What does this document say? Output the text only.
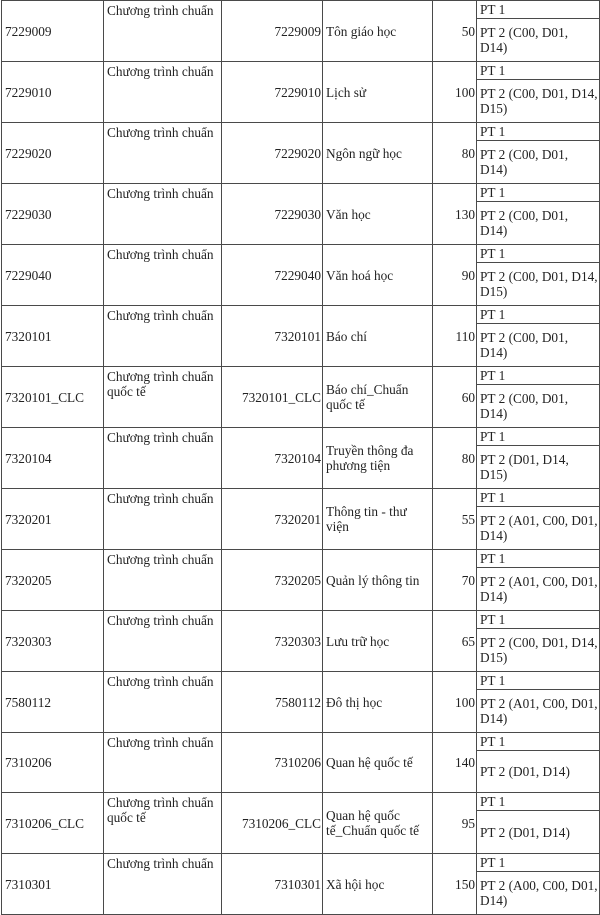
7229009	Chương trình chuẩn	7229009	Tôn giáo học	50	PT 1
					PT 2 (C00, D01, D14)
7229010	Chương trình chuẩn	7229010	Lịch sử	100	PT 1
					PT 2 (C00, D01, D14, D15)
7229020	Chương trình chuẩn	7229020	Ngôn ngữ học	80	PT 1
					PT 2 (C00, D01, D14)
7229030	Chương trình chuẩn	7229030	Văn học	130	PT 1
					PT 2 (C00, D01, D14)
7229040	Chương trình chuẩn	7229040	Văn hoá học	90	PT 1
					PT 2 (C00, D01, D14, D15)
7320101	Chương trình chuẩn	7320101	Báo chí	110	PT 1
					PT 2 (C00, D01, D14)
7320101_CLC	Chương trình chuẩn quốc tế	7320101_CLC	Báo chí_Chuẩn quốc tế	60	PT 1
					PT 2 (C00, D01, D14)
7320104	Chương trình chuẩn	7320104	Truyền thông đa phương tiện	80	PT 1
					PT 2 (D01, D14, D15)
7320201	Chương trình chuẩn	7320201	Thông tin - thư viện	55	PT 1
					PT 2 (A01, C00, D01, D14)
7320205	Chương trình chuẩn	7320205	Quản lý thông tin	70	PT 1
					PT 2 (A01, C00, D01, D14)
7320303	Chương trình chuẩn	7320303	Lưu trữ học	65	PT 1
					PT 2 (C00, D01, D14, D15)
7580112	Chương trình chuẩn	7580112	Đô thị học	100	PT 1
					PT 2 (A01, C00, D01, D14)
7310206	Chương trình chuẩn	7310206	Quan hệ quốc tế	140	PT 1
					PT 2 (D01, D14)
7310206_CLC	Chương trình chuẩn quốc tế	7310206_CLC	Quan hệ quốc tế_Chuẩn quốc tế	95	PT 1
					PT 2 (D01, D14)
7310301	Chương trình chuẩn	7310301	Xã hội học	150	PT 1
					PT 2 (A00, C00, D01, D14)
